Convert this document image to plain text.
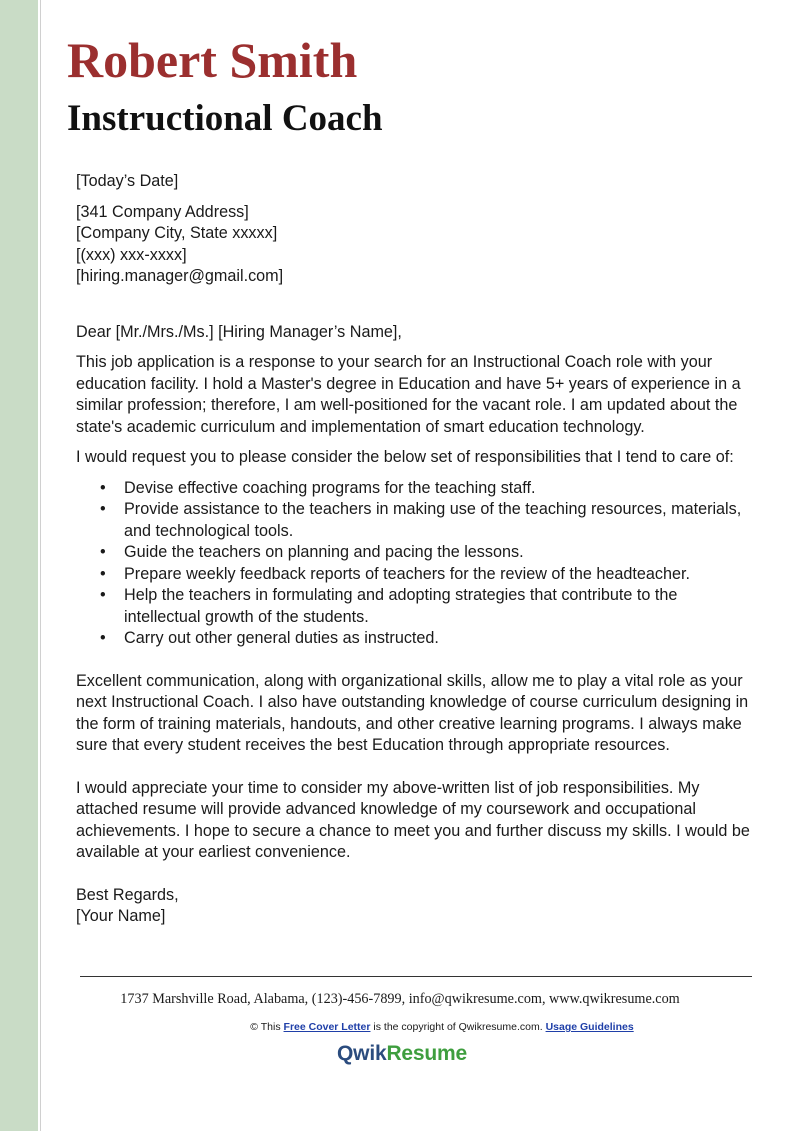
Robert Smith
Instructional Coach

[Today’s Date]

[341 Company Address]

[Company City, State xxxxx]

[(xxx) xxx-xxxx]

[hiring.manager@gmail.com]

Dear [Mr./Mrs./Ms.] [Hiring Manager’s Name],

This job application is a response to your search for an Instructional Coach role with your education facility. I hold a Master's degree in Education and have 5+ years of experience in a similar profession; therefore, I am well-positioned for the vacant role. I am updated about the state's academic curriculum and implementation of smart education technology.

I would request you to please consider the below set of responsibilities that I tend to care of:

• Devise effective coaching programs for the teaching staff.
• Provide assistance to the teachers in making use of the teaching resources, materials, and technological tools.
• Guide the teachers on planning and pacing the lessons.
• Prepare weekly feedback reports of teachers for the review of the headteacher.
• Help the teachers in formulating and adopting strategies that contribute to the intellectual growth of the students.
• Carry out other general duties as instructed.

Excellent communication, along with organizational skills, allow me to play a vital role as your next Instructional Coach. I also have outstanding knowledge of course curriculum designing in the form of training materials, handouts, and other creative learning programs. I always make sure that every student receives the best Education through appropriate resources.

I would appreciate your time to consider my above-written list of job responsibilities. My attached resume will provide advanced knowledge of my coursework and occupational achievements. I hope to secure a chance to meet you and further discuss my skills. I would be available at your earliest convenience.

Best Regards,

[Your Name]

1737 Marshville Road, Alabama, (123)-456-7899, info@qwikresume.com, www.qwikresume.com
© This Free Cover Letter is the copyright of Qwikresume.com. Usage Guidelines
QwikResume
